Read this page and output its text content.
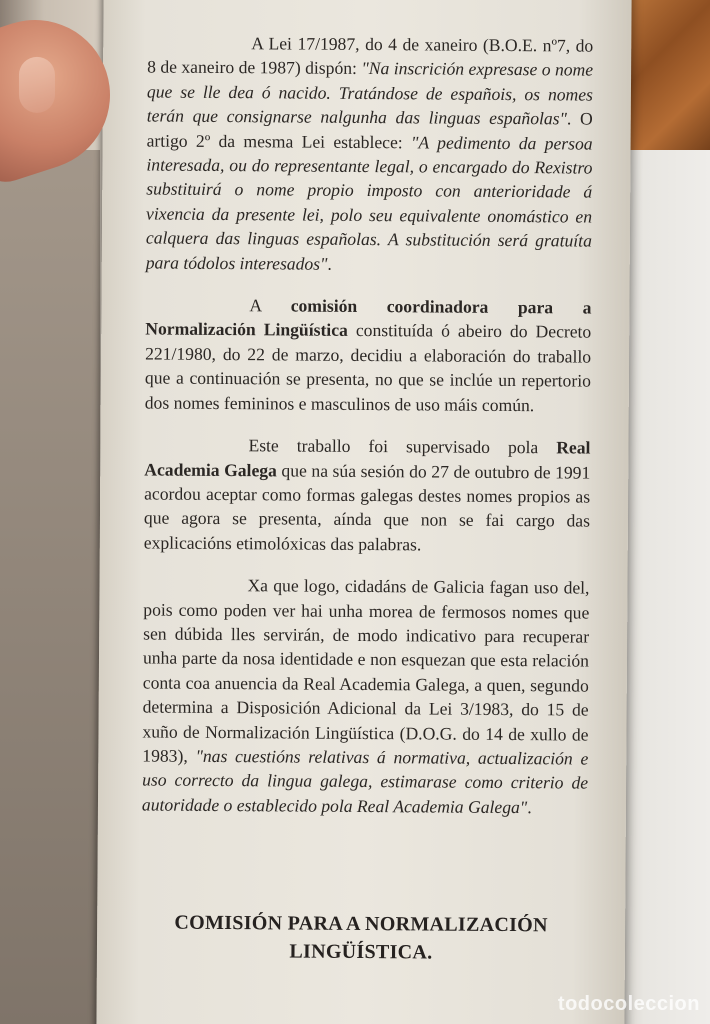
A Lei 17/1987, do 4 de xaneiro (B.O.E. nº7, do 8 de xaneiro de 1987) dispón: "Na inscrición expresase o nome que se lle dea ó nacido. Tratándose de españois, os nomes terán que consignarse nalgunha das linguas españolas". O artigo 2º da mesma Lei establece: "A pedimento da persoa interesada, ou do representante legal, o encargado do Rexistro substituirá o nome propio imposto con anterioridade á vixencia da presente lei, polo seu equivalente onomástico en calquera das linguas españolas. A substitución será gratuíta para tódolos interesados".

A comisión coordinadora para a Normalización Lingüística constituída ó abeiro do Decreto 221/1980, do 22 de marzo, decidiu a elaboración do traballo que a continuación se presenta, no que se inclúe un repertorio dos nomes femininos e masculinos de uso máis común.

Este traballo foi supervisado pola Real Academia Galega que na súa sesión do 27 de outubro de 1991 acordou aceptar como formas galegas destes nomes propios as que agora se presenta, aínda que non se fai cargo das explicacións etimolóxicas das palabras.

Xa que logo, cidadáns de Galicia fagan uso del, pois como poden ver hai unha morea de fermosos nomes que sen dúbida lles servirán, de modo indicativo para recuperar unha parte da nosa identidade e non esquezan que esta relación conta coa anuencia da Real Academia Galega, a quen, segundo determina a Disposición Adicional da Lei 3/1983, do 15 de xuño de Normalización Lingüística (D.O.G. do 14 de xullo de 1983), "nas cuestións relativas á normativa, actualización e uso correcto da lingua galega, estimarase como criterio de autoridade o establecido pola Real Academia Galega".

COMISIÓN PARA A NORMALIZACIÓN
LINGÜÍSTICA.
todocoleccion
